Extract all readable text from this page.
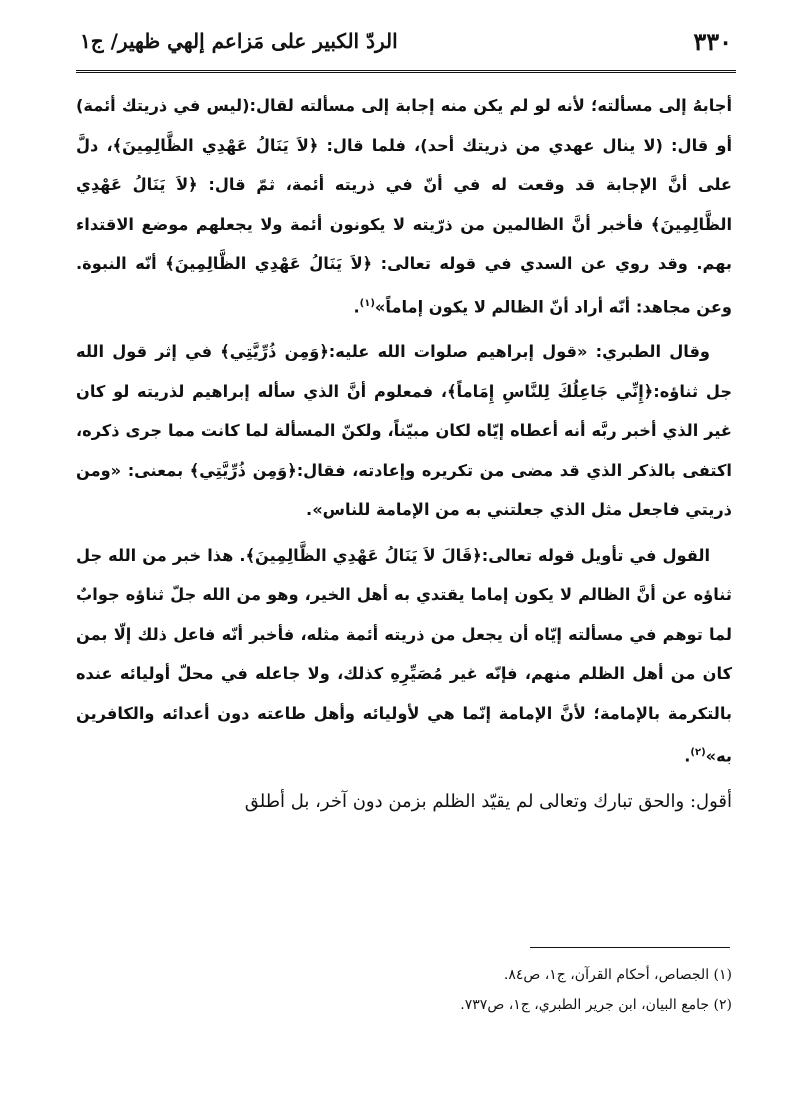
٣٣٠
الردّ الكبير على مَزاعم إلهي ظهير/ ج١

أجابهُ إلى مسألته؛ لأنه لو لم يكن منه إجابة إلى مسألته لقال:(ليس في ذريتك أئمة) أو قال: (لا ينال عهدي من ذريتك أحد)، فلما قال: ﴿لاَ يَنَالُ عَهْدِي الظَّالِمِينَ﴾، دلَّ على أنَّ الإجابة قد وقعت له في أنّ في ذريته أئمة، ثمّ قال: ﴿لاَ يَنَالُ عَهْدِي الظَّالِمِينَ﴾ فأخبر أنَّ الظالمين من ذرّيته لا يكونون أئمة ولا يجعلهم موضع الاقتداء بهم. وقد روي عن السدي في قوله تعالى: ﴿لاَ يَنَالُ عَهْدِي الظَّالِمِينَ﴾ أنّه النبوة. وعن مجاهد: أنّه أراد أنّ الظالم لا يكون إماماً»$^{(١)}$.

وقال الطبري: «قول إبراهيم صلوات الله عليه:﴿وَمِن ذُرِّيَّتِي﴾ في إثر قول الله جل ثناؤه:﴿إِنِّي جَاعِلُكَ لِلنَّاسِ إِمَاماً﴾، فمعلوم أنَّ الذي سأله إبراهيم لذريته لو كان غير الذي أخبر ربَّه أنه أعطاه إيّاه لكان مبيّناً، ولكنّ المسألة لما كانت مما جرى ذكره، اكتفى بالذكر الذي قد مضى من تكريره وإعادته، فقال:﴿وَمِن ذُرِّيَّتِي﴾ بمعنى: «ومن ذريتي فاجعل مثل الذي جعلتني به من الإمامة للناس».

القول في تأويل قوله تعالى:﴿قَالَ لاَ يَنَالُ عَهْدِي الظَّالِمِينَ﴾. هذا خبر من الله جل ثناؤه عن أنَّ الظالم لا يكون إماما يقتدي به أهل الخير، وهو من الله جلّ ثناؤه جوابٌ لما توهم في مسألته إيّاه أن يجعل من ذريته أئمة مثله، فأخبر أنّه فاعل ذلك إلّا بمن كان من أهل الظلم منهم، فإنّه غير مُصَيِّرِهِ كذلك، ولا جاعله في محلّ أوليائه عنده بالتكرمة بالإمامة؛ لأنَّ الإمامة إنّما هي لأوليائه وأهل طاعته دون أعدائه والكافرين به»$^{(٢)}$.

أقول: والحق تبارك وتعالى لم يقيّد الظلم بزمن دون آخر، بل أطلق

(١) الجصاص، أحكام القرآن، ج١، ص٨٤.

(٢) جامع البيان، ابن جرير الطبري، ج١، ص٧٣٧.
